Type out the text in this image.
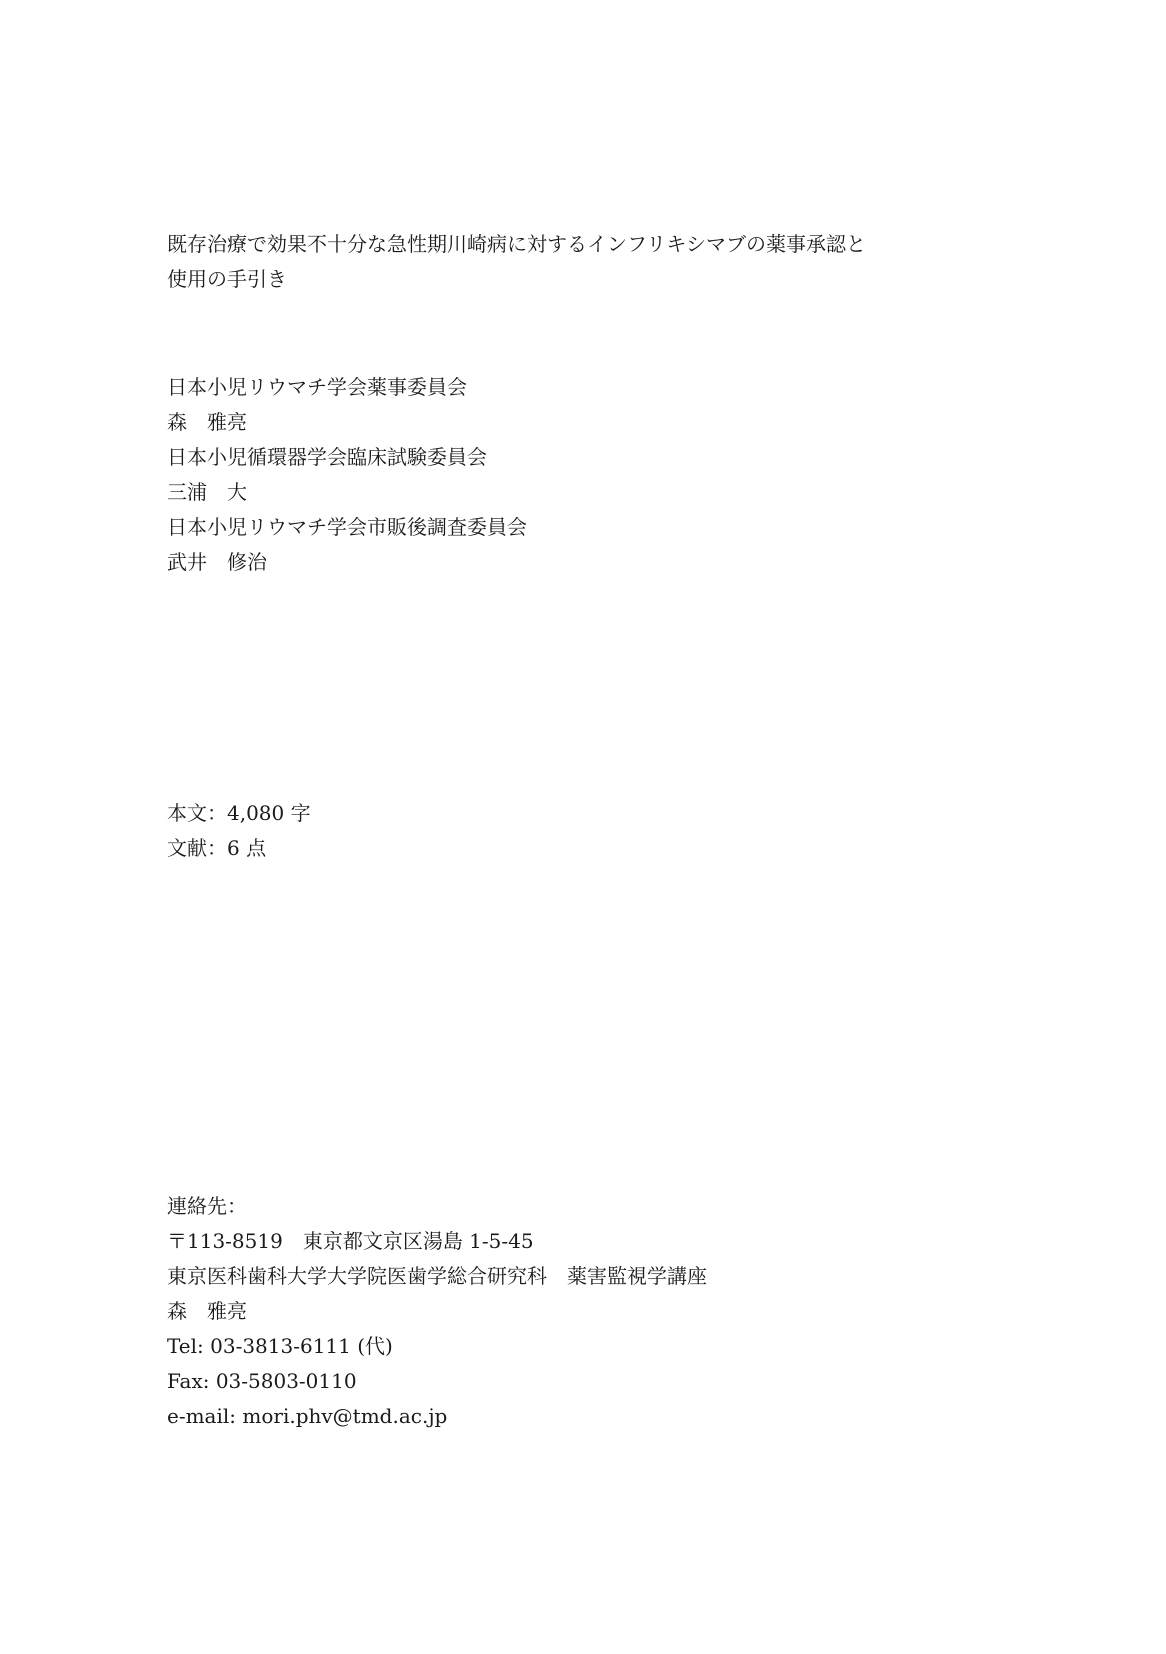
既存治療で効果不十分な急性期川崎病に対するインフリキシマブの薬事承認と
使用の手引き
日本小児リウマチ学会薬事委員会
森　雅亮
日本小児循環器学会臨床試験委員会
三浦　大
日本小児リウマチ学会市販後調査委員会
武井　修治
本文：4,080 字
文献：6 点
連絡先：
〒113-8519　東京都文京区湯島 1-5-45
東京医科歯科大学大学院医歯学総合研究科　薬害監視学講座
森　雅亮
Tel: 03-3813-6111 (代)
Fax: 03-5803-0110
e-mail: mori.phv@tmd.ac.jp
